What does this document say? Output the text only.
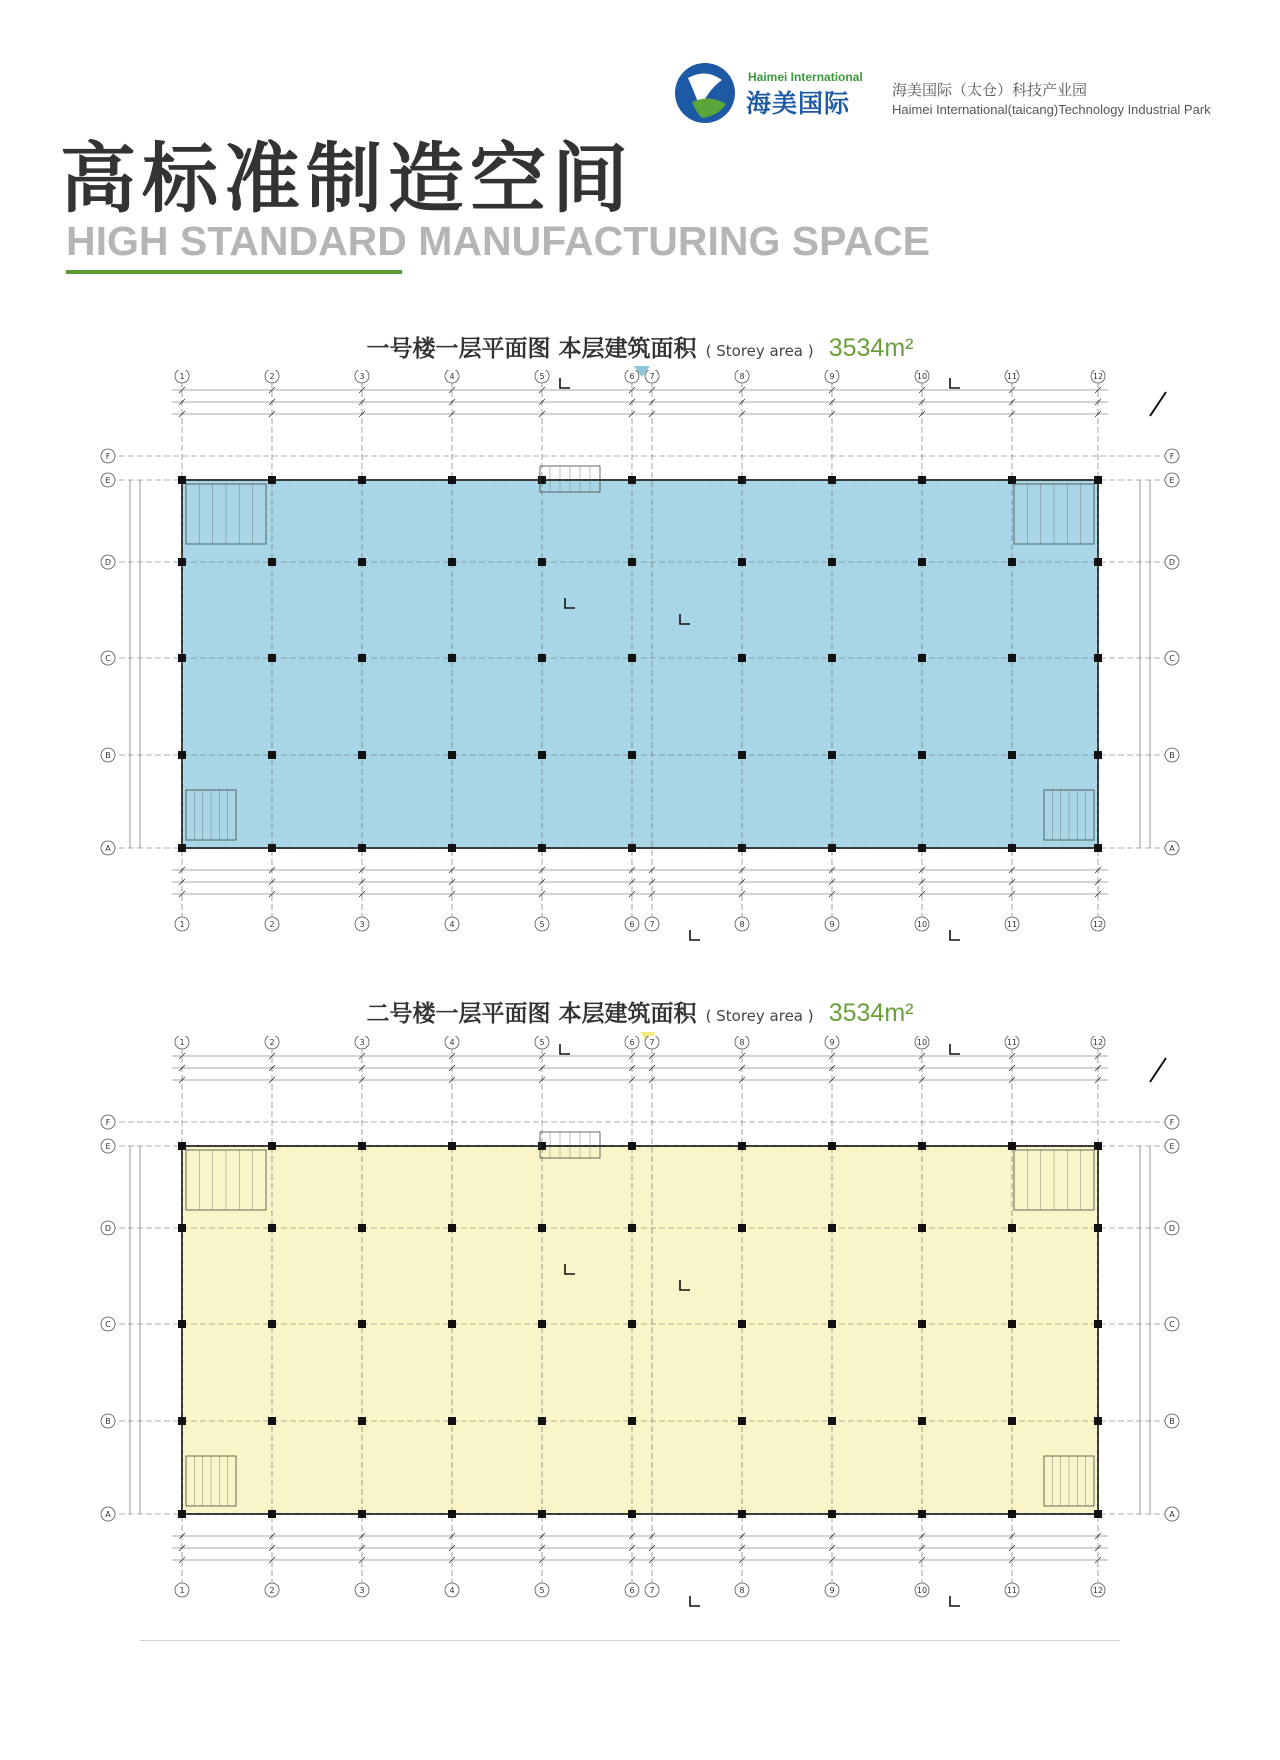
Haimei International
海美国际	海美国际（太仓）科技产业园
Haimei International(taicang)Technology Industrial Park
高标准制造空间
HIGH STANDARD MANUFACTURING SPACE
一号楼一层平面图 本层建筑面积 ( Storey area ) 3534m²
1
1
2
2
3
3
4
4
5
5
6
6
7
7
8
8
9
9
10
10
11
11
12
12
A	A
B	B
C	C
D	D
E	E
F	F
二号楼一层平面图 本层建筑面积 ( Storey area ) 3534m²
1
1
2
2
3
3
4
4
5
5
6
6
7
7
8
8
9
9
10
10
11
11
12
12
A	A
B	B
C	C
D	D
E	E
F	F
